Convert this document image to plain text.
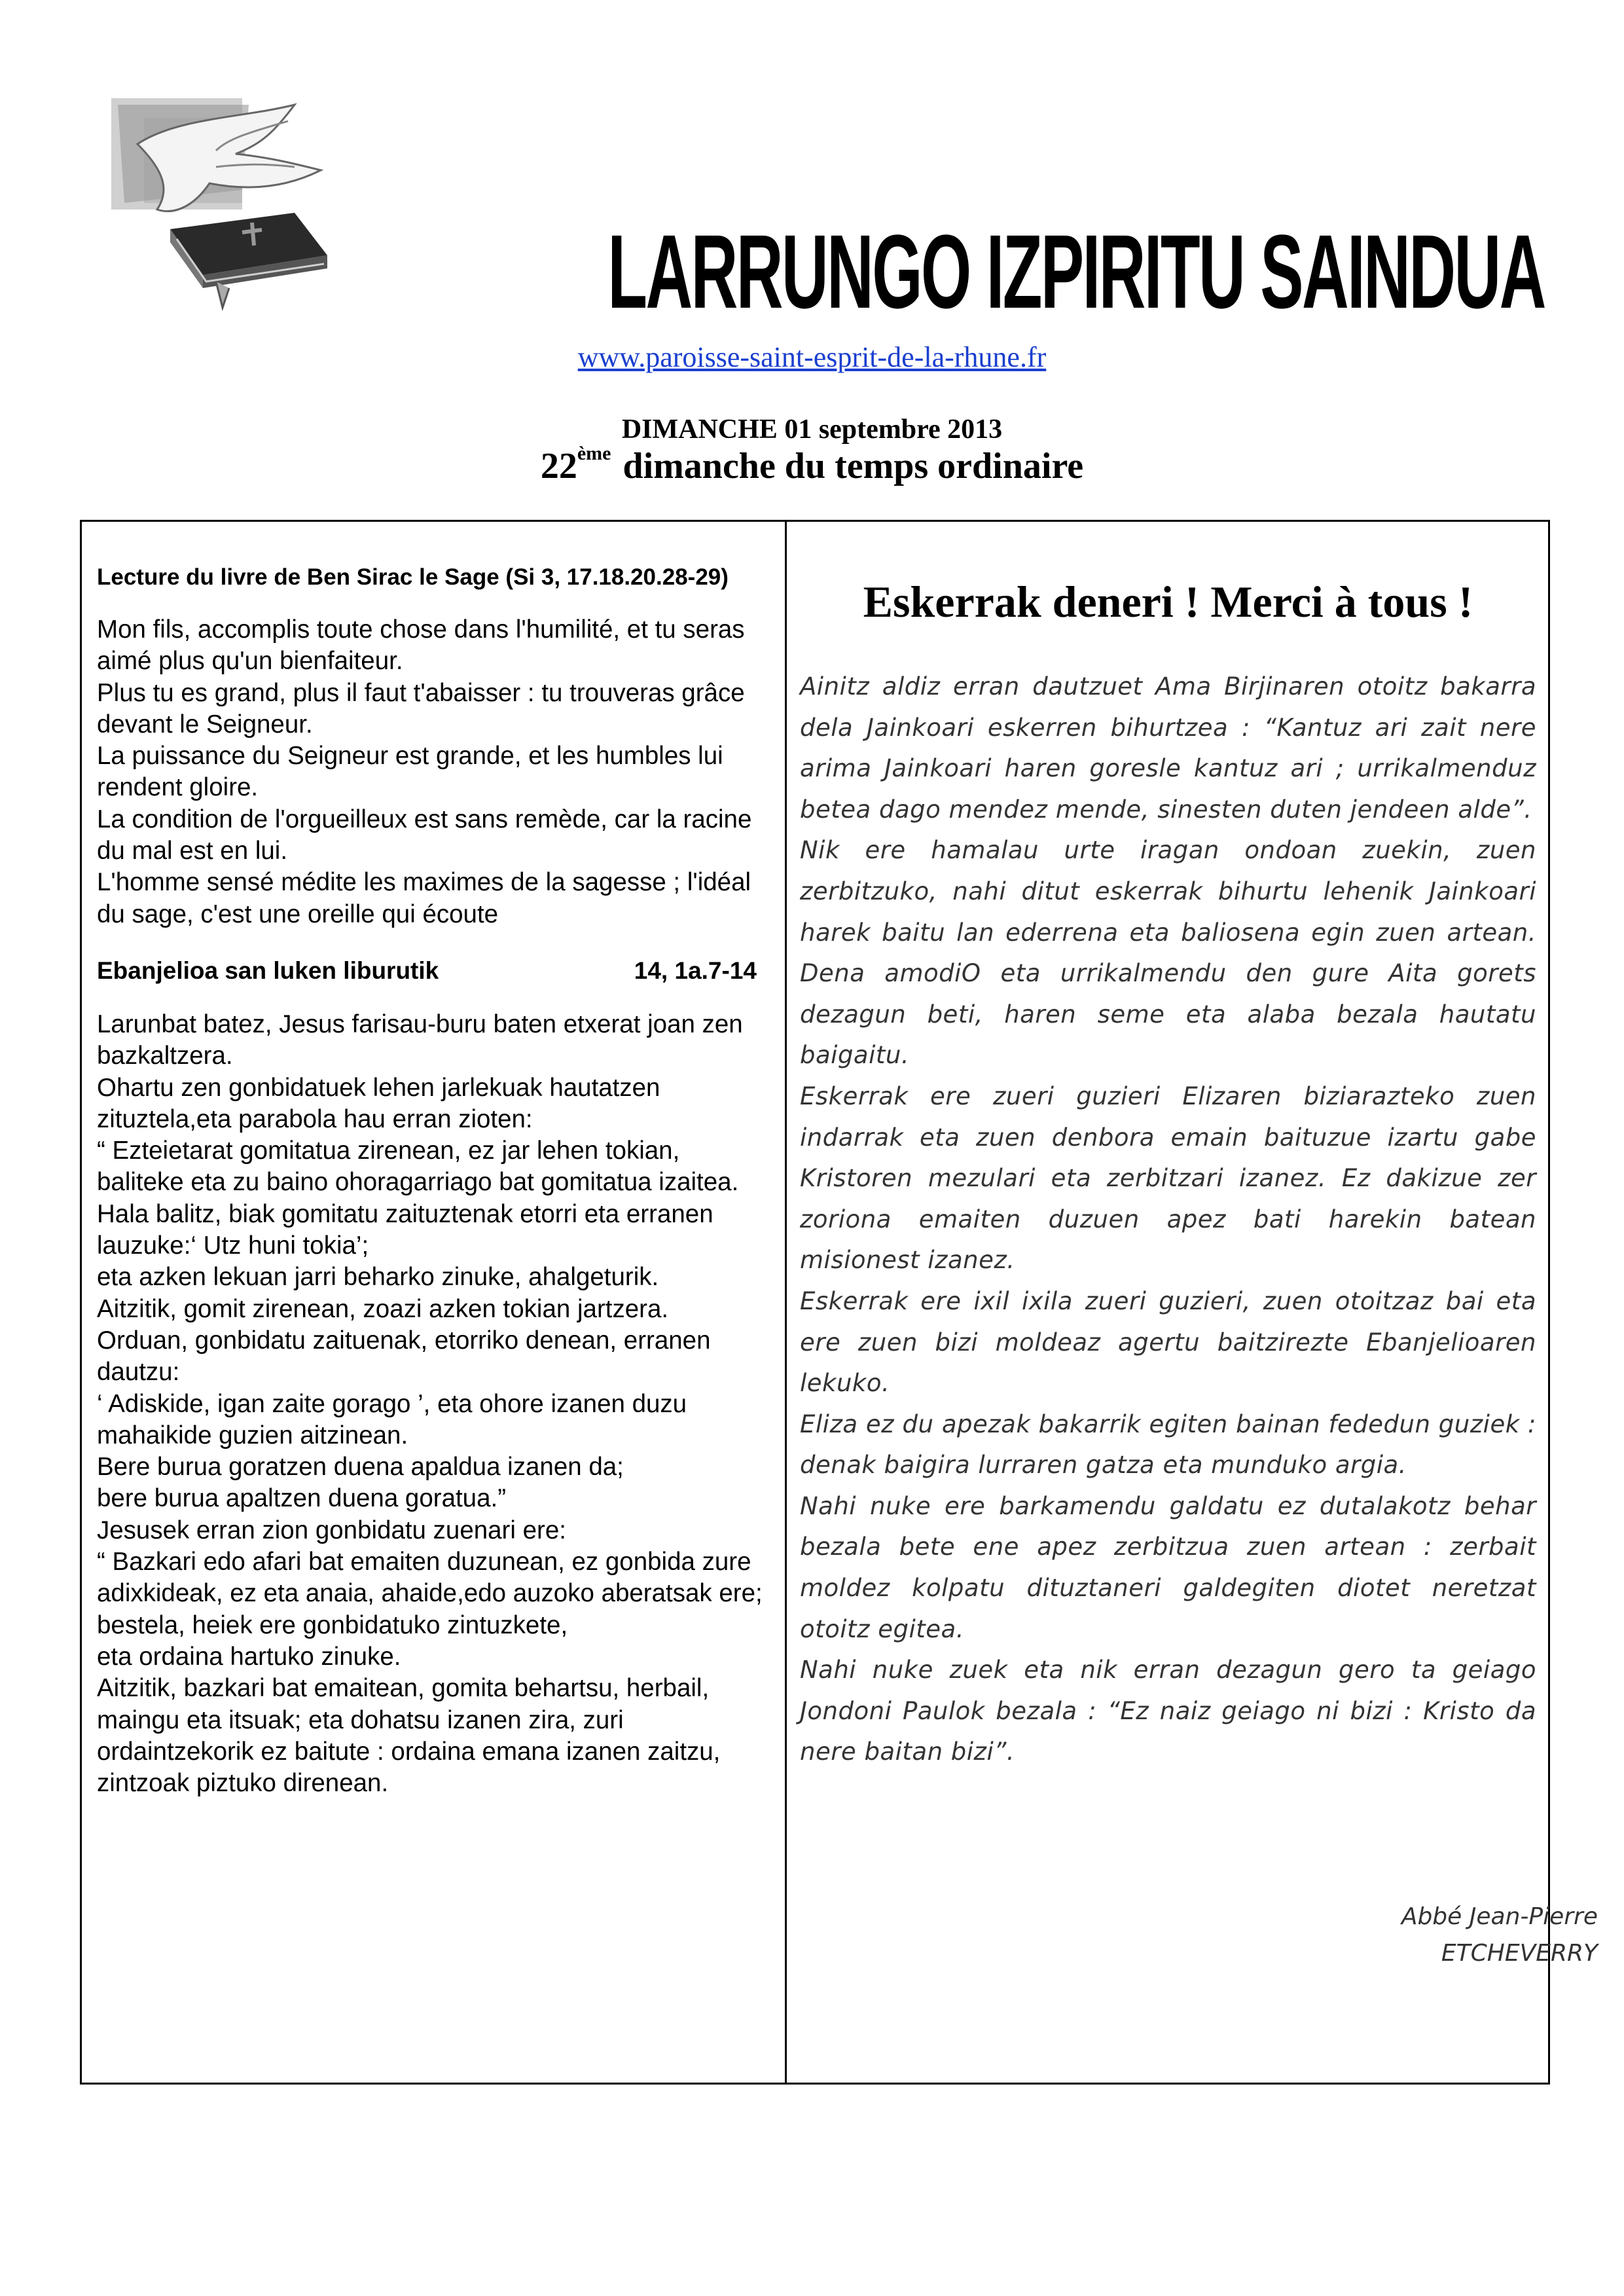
LARRUNGO IZPIRITU SAINDUA
www.paroisse-saint-esprit-de-la-rhune.fr
DIMANCHE 01 septembre 2013
22ème dimanche du temps ordinaire
Lecture du livre de Ben Sirac le Sage (Si 3, 17.18.20.28-29)

Mon fils, accomplis toute chose dans l'humilité, et tu seras aimé plus qu'un bienfaiteur.

Plus tu es grand, plus il faut t'abaisser : tu trouveras grâce devant le Seigneur.

La puissance du Seigneur est grande, et les humbles lui rendent gloire.

La condition de l'orgueilleux est sans remède, car la racine du mal est en lui.

L'homme sensé médite les maximes de la sagesse ; l'idéal du sage, c'est une oreille qui écoute

Ebanjelioa san luken liburutik	14, 1a.7-14

Larunbat batez, Jesus farisau-buru baten etxerat joan zen bazkaltzera.

Ohartu zen gonbidatuek lehen jarlekuak hautatzen zituztela,eta parabola hau erran zioten:

“ Ezteietarat gomitatua zirenean, ez jar lehen tokian, baliteke eta zu baino ohoragarriago bat gomitatua izaitea.

Hala balitz, biak gomitatu zaituztenak etorri eta erranen lauzuke:‘ Utz huni tokia’;

eta azken lekuan jarri beharko zinuke, ahalgeturik.

Aitzitik, gomit zirenean, zoazi azken tokian jartzera.

Orduan, gonbidatu zaituenak, etorriko denean, erranen dautzu:

‘ Adiskide, igan zaite gorago ’, eta ohore izanen duzu mahaikide guzien aitzinean.

Bere burua goratzen duena apaldua izanen da;

bere burua apaltzen duena goratua.”

Jesusek erran zion gonbidatu zuenari ere:

“ Bazkari edo afari bat emaiten duzunean, ez gonbida zure adixkideak, ez eta anaia, ahaide,edo auzoko aberatsak ere;

bestela, heiek ere gonbidatuko zintuzkete,

eta ordaina hartuko zinuke.

Aitzitik, bazkari bat emaitean, gomita behartsu, herbail, maingu eta itsuak; eta dohatsu izanen zira, zuri ordaintzekorik ez baitute : ordaina emana izanen zaitzu, zintzoak piztuko direnean.

Eskerrak deneri ! Merci à tous !

Ainitz aldiz erran dautzuet Ama Birjinaren otoitz bakarra dela Jainkoari eskerren bihurtzea : “Kantuz ari zait nere arima Jainkoari haren goresle kantuz ari ; urrikalmenduz betea dago mendez mende, sinesten duten jendeen alde”.

Nik ere hamalau urte iragan ondoan zuekin, zuen zerbitzuko, nahi ditut eskerrak bihurtu lehenik Jainkoari harek baitu lan ederrena eta baliosena egin zuen artean. Dena amodiO eta urrikalmendu den gure Aita gorets dezagun beti, haren seme eta alaba bezala hautatu baigaitu.

Eskerrak ere zueri guzieri Elizaren biziarazteko zuen indarrak eta zuen denbora emain baituzue izartu gabe Kristoren mezulari eta zerbitzari izanez. Ez dakizue zer zoriona emaiten duzuen apez bati harekin batean misionest izanez.

Eskerrak ere ixil ixila zueri guzieri, zuen otoitzaz bai eta ere zuen bizi moldeaz agertu baitzirezte Ebanjelioaren lekuko.

Eliza ez du apezak bakarrik egiten bainan fededun guziek : denak baigira lurraren gatza eta munduko argia.

Nahi nuke ere barkamendu galdatu ez dutalakotz behar bezala bete ene apez zerbitzua zuen artean : zerbait moldez kolpatu dituztaneri galdegiten diotet neretzat otoitz egitea.

Nahi nuke zuek eta nik erran dezagun gero ta geiago Jondoni Paulok bezala : “Ez naiz geiago ni bizi : Kristo da nere baitan bizi”.

Abbé Jean-Pierre
ETCHEVERRY
